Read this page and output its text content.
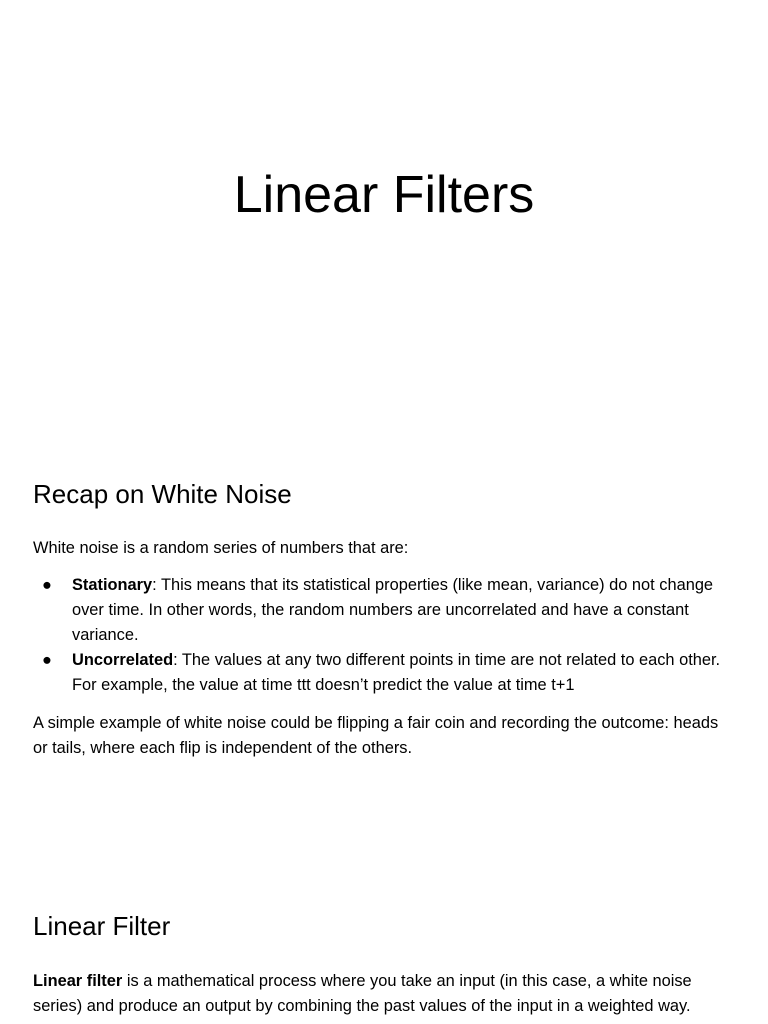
Linear Filters
Recap on White Noise

White noise is a random series of numbers that are:

● Stationary: This means that its statistical properties (like mean, variance) do not change over time. In other words, the random numbers are uncorrelated and have a constant variance.
● Uncorrelated: The values at any two different points in time are not related to each other. For example, the value at time ttt doesn’t predict the value at time t+1

A simple example of white noise could be flipping a fair coin and recording the outcome: heads or tails, where each flip is independent of the others.

Linear Filter

Linear filter is a mathematical process where you take an input (in this case, a white noise series) and produce an output by combining the past values of the input in a weighted way.
